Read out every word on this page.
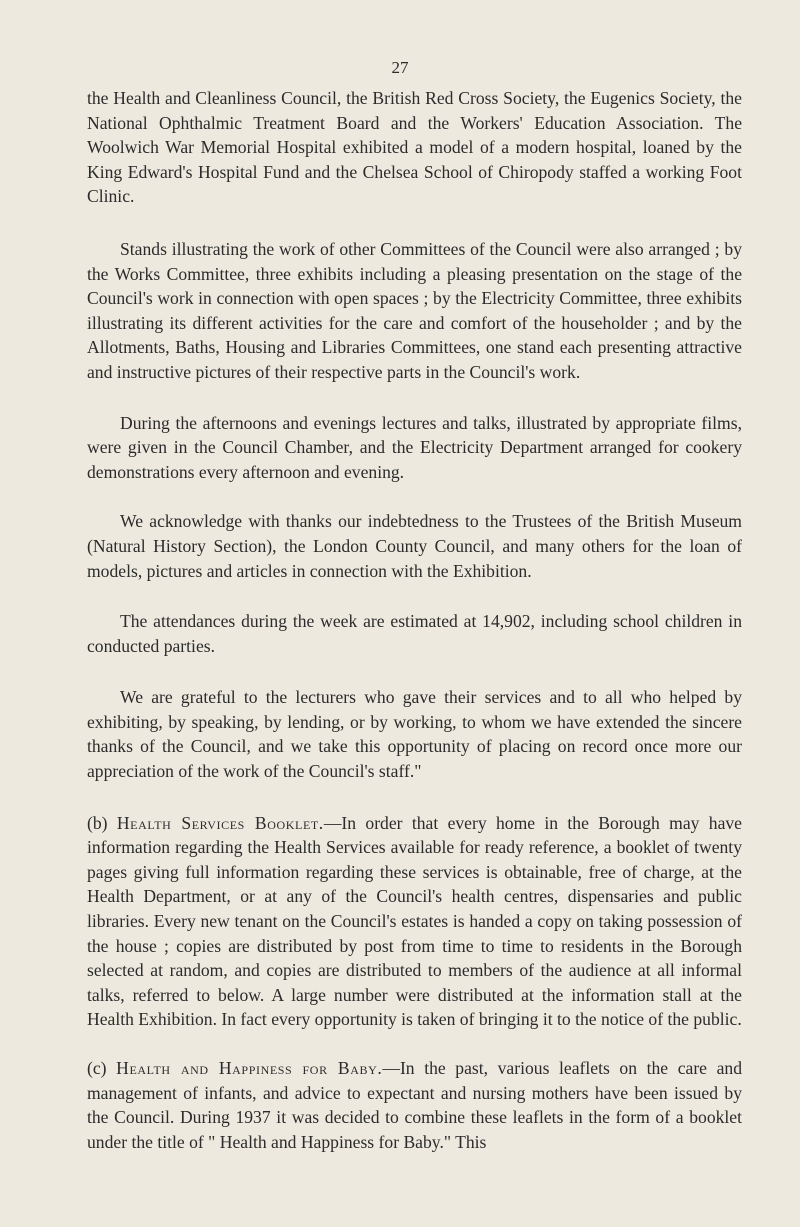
27

the Health and Cleanliness Council, the British Red Cross Society, the Eugenics Society, the National Ophthalmic Treatment Board and the Workers' Education Association. The Woolwich War Memorial Hospital exhibited a model of a modern hospital, loaned by the King Edward's Hospital Fund and the Chelsea School of Chiropody staffed a working Foot Clinic.

Stands illustrating the work of other Committees of the Council were also arranged ; by the Works Committee, three exhibits including a pleasing presentation on the stage of the Council's work in connection with open spaces ; by the Electricity Committee, three exhibits illustrating its different activities for the care and comfort of the householder ; and by the Allotments, Baths, Housing and Libraries Committees, one stand each presenting attractive and instructive pictures of their respective parts in the Council's work.

During the afternoons and evenings lectures and talks, illustrated by appropriate films, were given in the Council Chamber, and the Electricity Department arranged for cookery demonstrations every afternoon and evening.

We acknowledge with thanks our indebtedness to the Trustees of the British Museum (Natural History Section), the London County Council, and many others for the loan of models, pictures and articles in connection with the Exhibition.

The attendances during the week are estimated at 14,902, including school children in conducted parties.

We are grateful to the lecturers who gave their services and to all who helped by exhibiting, by speaking, by lending, or by working, to whom we have extended the sincere thanks of the Council, and we take this opportunity of placing on record once more our appreciation of the work of the Council's staff."

(b) Health Services Booklet.—In order that every home in the Borough may have information regarding the Health Services available for ready reference, a booklet of twenty pages giving full information regarding these services is obtainable, free of charge, at the Health Department, or at any of the Council's health centres, dispensaries and public libraries. Every new tenant on the Council's estates is handed a copy on taking possession of the house ; copies are distributed by post from time to time to residents in the Borough selected at random, and copies are distributed to members of the audience at all informal talks, referred to below. A large number were distributed at the information stall at the Health Exhibition. In fact every opportunity is taken of bringing it to the notice of the public.

(c) Health and Happiness for Baby.—In the past, various leaflets on the care and management of infants, and advice to expectant and nursing mothers have been issued by the Council. During 1937 it was decided to combine these leaflets in the form of a booklet under the title of " Health and Happiness for Baby." This
